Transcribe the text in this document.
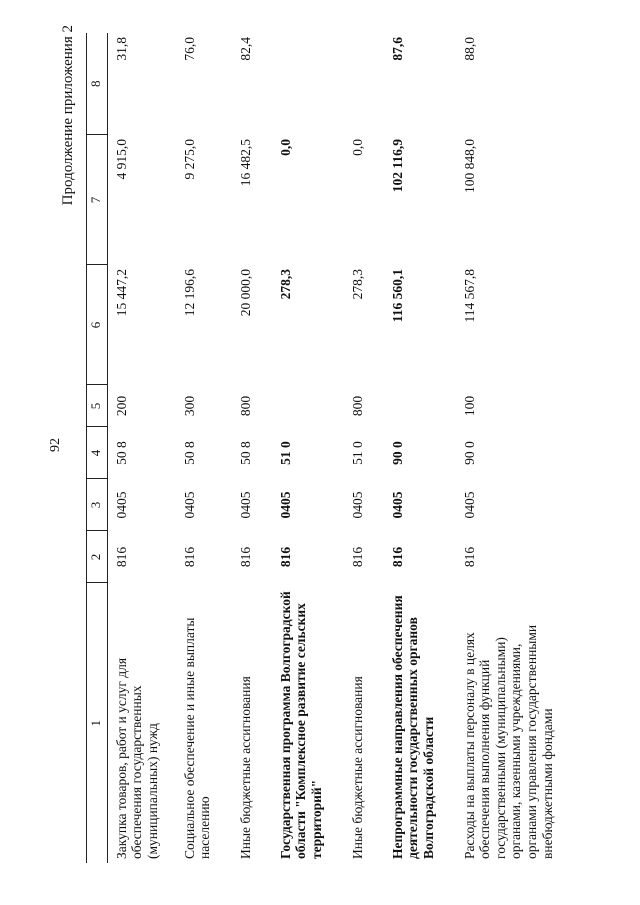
92
Продолжение приложения 2
1	2	3	4	5	6	7	8
Закупка товаров, работ и услуг для обеспечения государственных (муниципальных) нужд	816	0405	50 8	200	15 447,2	4 915,0	31,8
Социальное обеспечение и иные выплаты населению	816	0405	50 8	300	12 196,6	9 275,0	76,0
Иные бюджетные ассигнования	816	0405	50 8	800	20 000,0	16 482,5	82,4
Государственная программа Волгоградской области "Комплексное развитие сельских территорий"	816	0405	51 0		278,3	0,0	
Иные бюджетные ассигнования	816	0405	51 0	800	278,3	0,0	
Непрограммные направления обеспечения деятельности государственных органов Волгоградской области	816	0405	90 0		116 560,1	102 116,9	87,6
Расходы на выплаты персоналу в целях обеспечения выполнения функций государственными (муниципальными) органами, казенными учреждениями, органами управления государственными внебюджетными фондами	816	0405	90 0	100	114 567,8	100 848,0	88,0
